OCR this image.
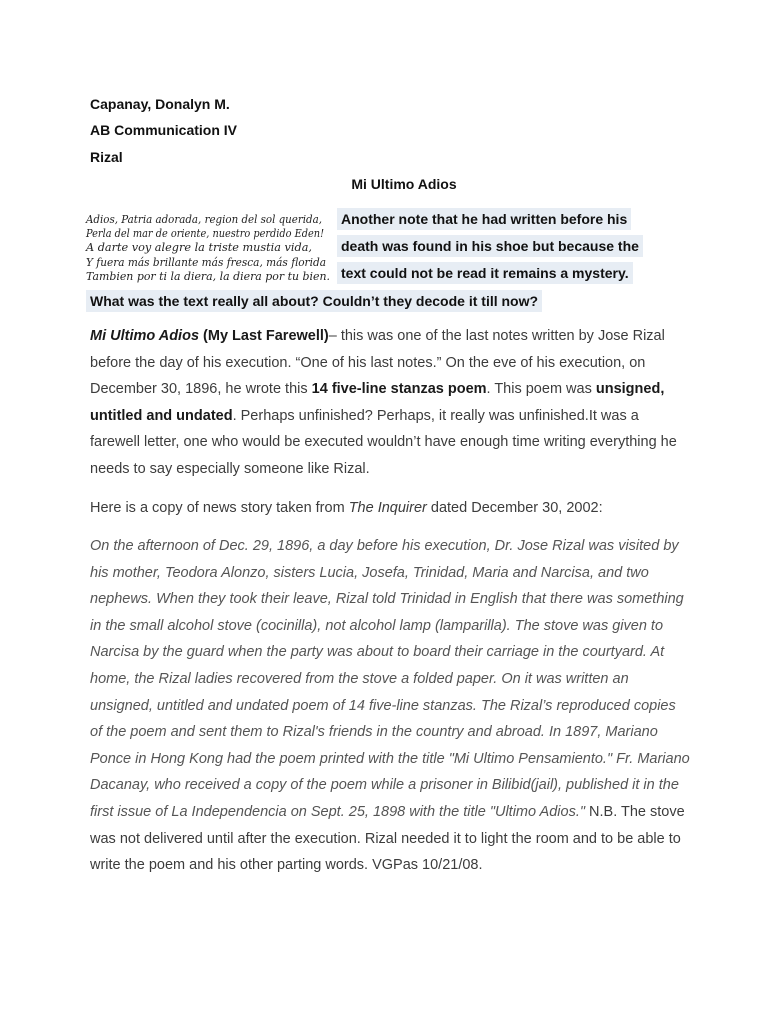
Capanay, Donalyn M.
AB Communication IV
Rizal
Mi Ultimo Adios
Adios, Patria adorada, region del sol querida,
Perla del mar de oriente, nuestro perdido Eden!
A darte voy alegre la triste mustia vida,
Y fuera más brillante más fresca, más florida
Tambien por ti la diera, la diera por tu bien.
Another note that he had written before his
death was found in his shoe but because the
text could not be read it remains a mystery.
What was the text really all about? Couldn’t they decode it till now?

Mi Ultimo Adios (My Last Farewell)– this was one of the last notes written by Jose Rizal before the day of his execution. “One of his last notes.” On the eve of his execution, on December 30, 1896, he wrote this 14 five-line stanzas poem. This poem was unsigned, untitled and undated. Perhaps unfinished? Perhaps, it really was unfinished.It was a farewell letter, one who would be executed wouldn’t have enough time writing everything he needs to say especially someone like Rizal.

Here is a copy of news story taken from The Inquirer dated December 30, 2002:

On the afternoon of Dec. 29, 1896, a day before his execution, Dr. Jose Rizal was visited by his mother, Teodora Alonzo, sisters Lucia, Josefa, Trinidad, Maria and Narcisa, and two nephews. When they took their leave, Rizal told Trinidad in English that there was something in the small alcohol stove (cocinilla), not alcohol lamp (lamparilla). The stove was given to Narcisa by the guard when the party was about to board their carriage in the courtyard. At home, the Rizal ladies recovered from the stove a folded paper. On it was written an unsigned, untitled and undated poem of 14 five-line stanzas. The Rizal’s reproduced copies of the poem and sent them to Rizal's friends in the country and abroad. In 1897, Mariano Ponce in Hong Kong had the poem printed with the title "Mi Ultimo Pensamiento." Fr. Mariano Dacanay, who received a copy of the poem while a prisoner in Bilibid(jail), published it in the first issue of La Independencia on Sept. 25, 1898 with the title "Ultimo Adios." N.B. The stove was not delivered until after the execution. Rizal needed it to light the room and to be able to write the poem and his other parting words. VGPas 10/21/08.
